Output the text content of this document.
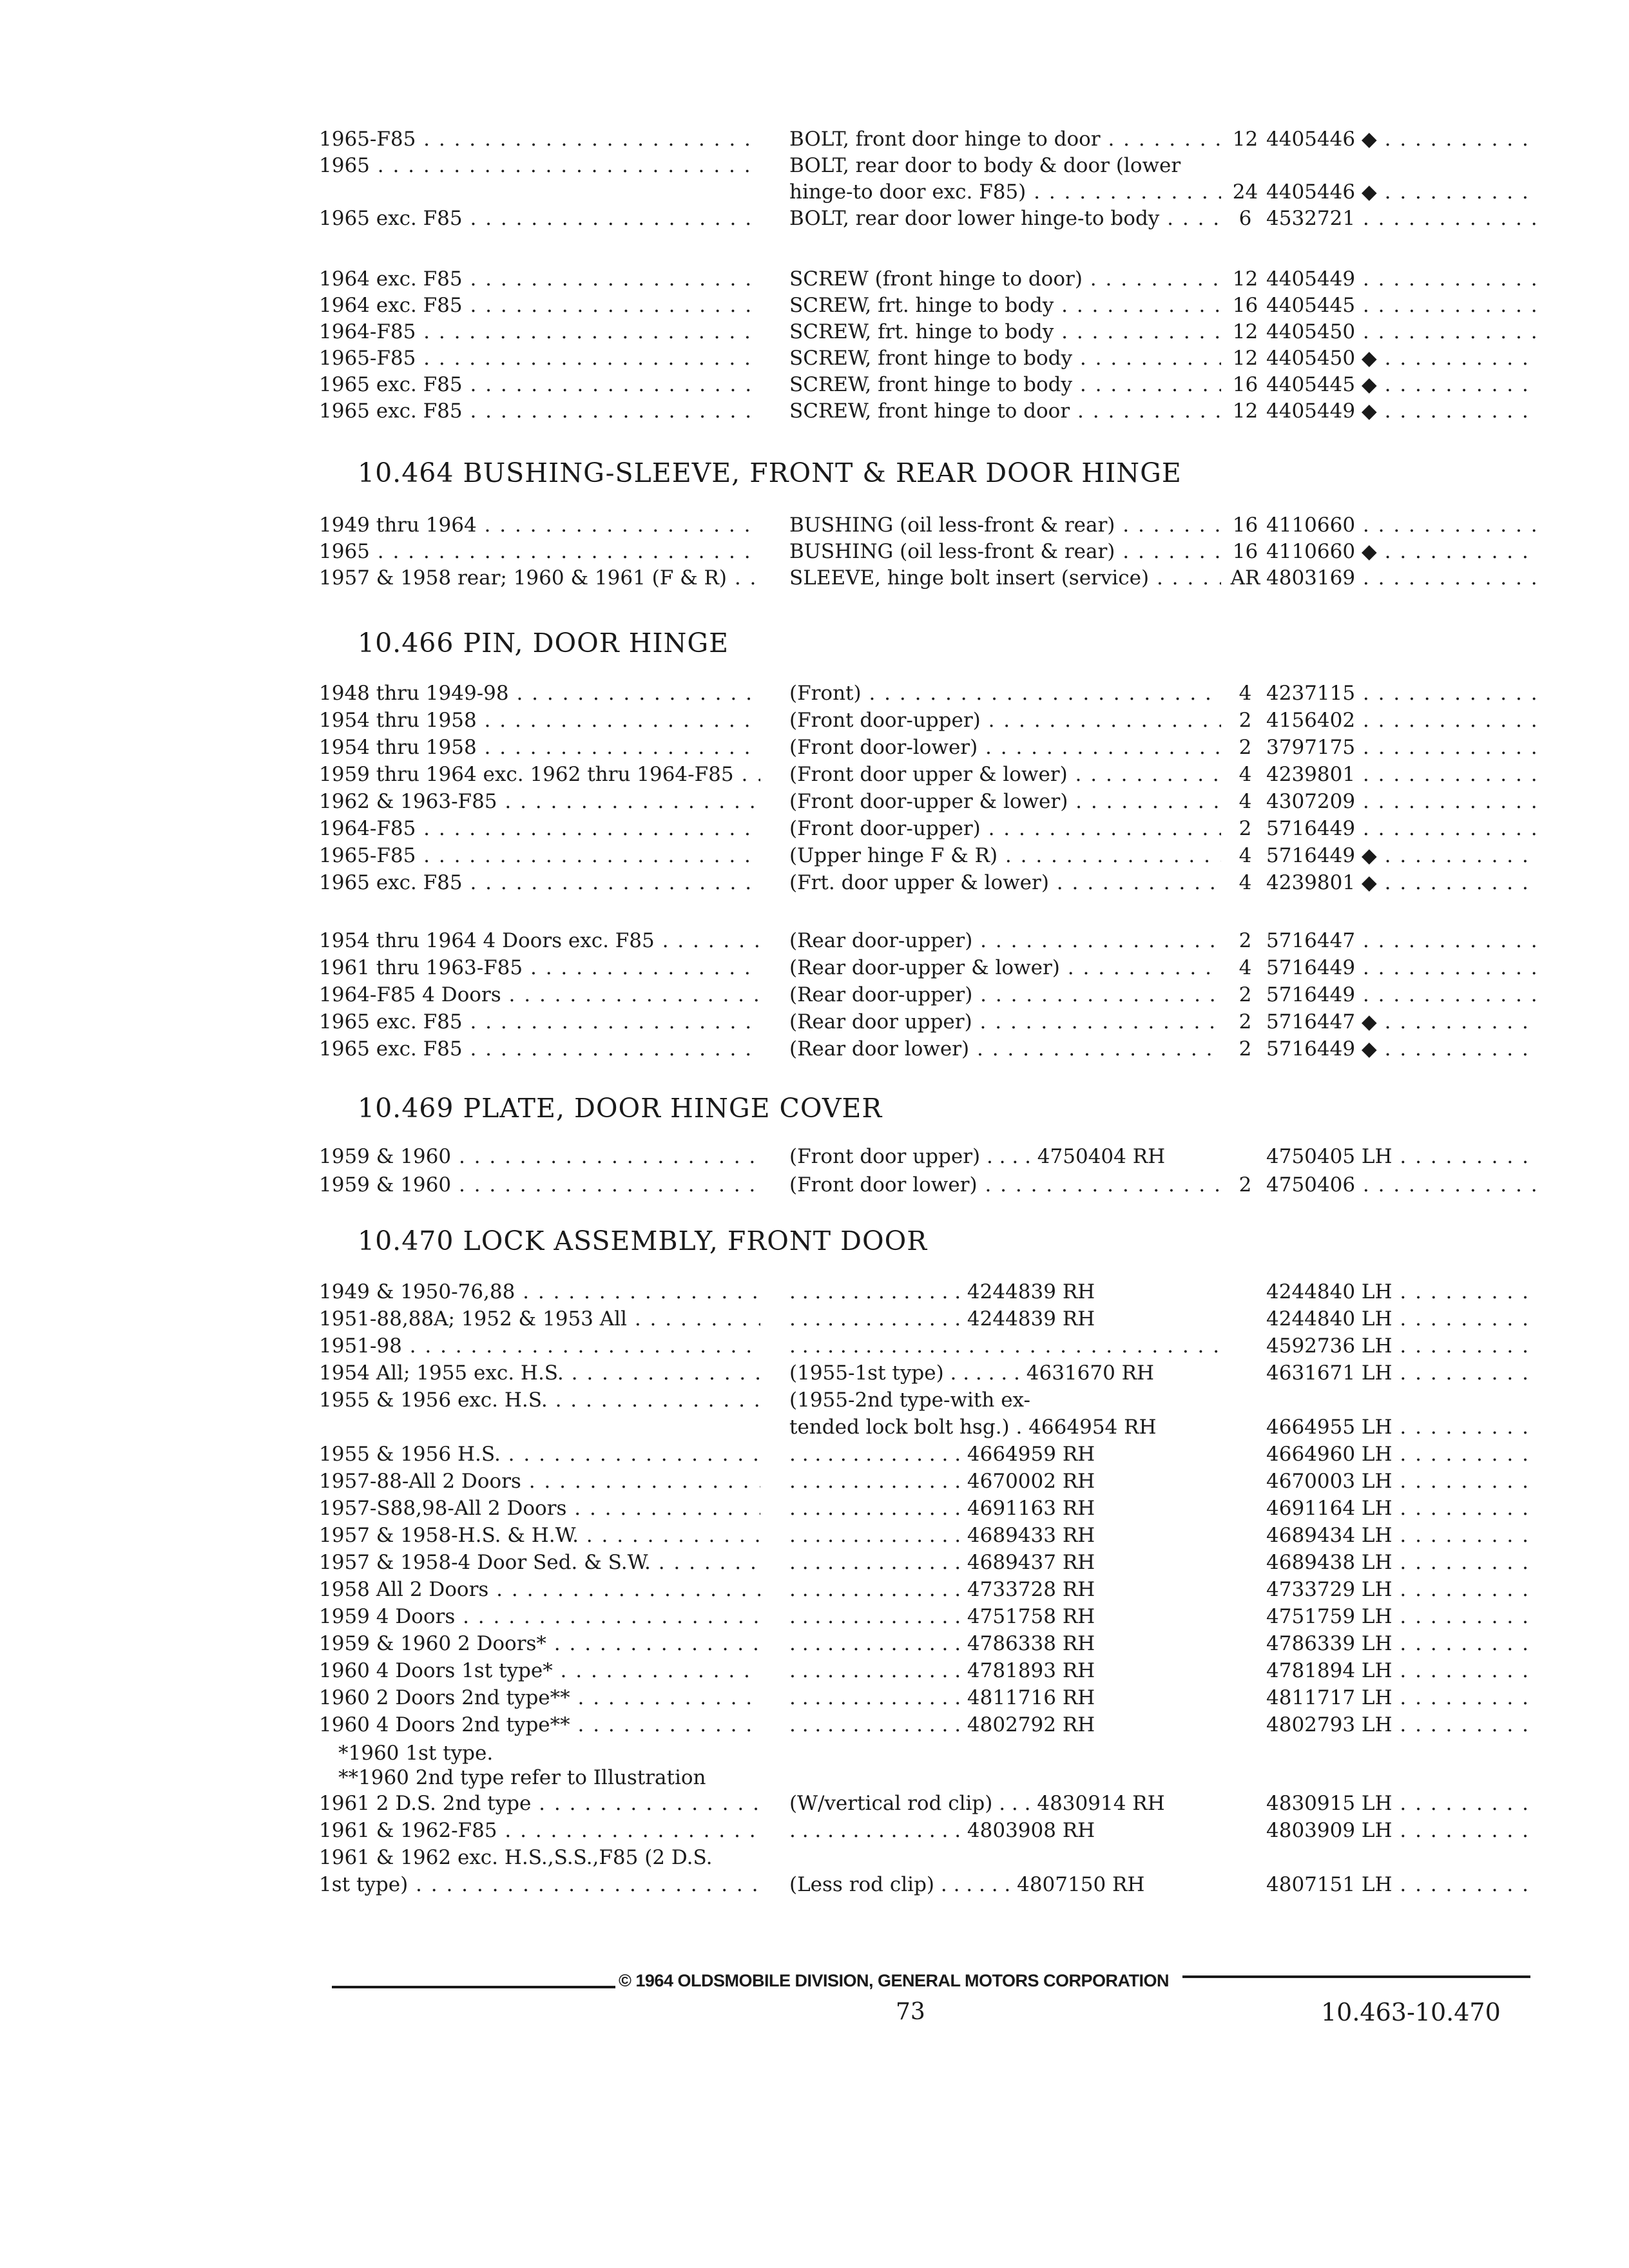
1965-F85 . . .	BOLT, front door hinge to door . . .	12 4405446 ◆ . . .
1965 . . .	BOLT, rear door to body & door (lower
hinge-to door exc. F85) . . .	24 4405446 ◆ . . .
1965 exc. F85 . . .	BOLT, rear door lower hinge-to body . . .	6 4532721 . . .
1964 exc. F85 . . .	SCREW (front hinge to door) . . .	12 4405449 . . .
1964 exc. F85 . . .	SCREW, frt. hinge to body . . .	16 4405445 . . .
1964-F85 . . .	SCREW, frt. hinge to body . . .	12 4405450 . . .
1965-F85 . . .	SCREW, front hinge to body . . .	12 4405450 ◆ . . .
1965 exc. F85 . . .	SCREW, front hinge to body . . .	16 4405445 ◆ . . .
1965 exc. F85 . . .	SCREW, front hinge to door . . .	12 4405449 ◆ . . .
10.464 BUSHING-SLEEVE, FRONT & REAR DOOR HINGE
1949 thru 1964 . . .	BUSHING (oil less-front & rear) . . .	16 4110660 . . .
1965 . . .	BUSHING (oil less-front & rear) . . .	16 4110660 ◆ . . .
1957 & 1958 rear; 1960 & 1961 (F & R) . . .	SLEEVE, hinge bolt insert (service) . . .	AR 4803169 . . .
10.466 PIN, DOOR HINGE
1948 thru 1949-98 . . .	(Front) . . .	4 4237115 . . .
1954 thru 1958 . . .	(Front door-upper) . . .	2 4156402 . . .
1954 thru 1958 . . .	(Front door-lower) . . .	2 3797175 . . .
1959 thru 1964 exc. 1962 thru 1964-F85 . . .	(Front door upper & lower) . . .	4 4239801 . . .
1962 & 1963-F85 . . .	(Front door-upper & lower) . . .	4 4307209 . . .
1964-F85 . . .	(Front door-upper) . . .	2 5716449 . . .
1965-F85 . . .	(Upper hinge F & R) . . .	4 5716449 ◆ . . .
1965 exc. F85 . . .	(Frt. door upper & lower) . . .	4 4239801 ◆ . . .
1954 thru 1964 4 Doors exc. F85 . . .	(Rear door-upper) . . .	2 5716447 . . .
1961 thru 1963-F85 . . .	(Rear door-upper & lower) . . .	4 5716449 . . .
1964-F85 4 Doors . . .	(Rear door-upper) . . .	2 5716449 . . .
1965 exc. F85 . . .	(Rear door upper) . . .	2 5716447 ◆ . . .
1965 exc. F85 . . .	(Rear door lower) . . .	2 5716449 ◆ . . .
10.469 PLATE, DOOR HINGE COVER
1959 & 1960 . . .	(Front door upper) . . . . 4750404 RH	4750405 LH . . .
1959 & 1960 . . .	(Front door lower) . . .	2 4750406 . . .
10.470 LOCK ASSEMBLY, FRONT DOOR
1949 & 1950-76,88 . . .	. . . . . . . . . . . . . . 4244839 RH	4244840 LH . . .
1951-88,88A; 1952 & 1953 All . . .	. . . . . . . . . . . . . . 4244839 RH	4244840 LH . . .
1951-98 . . .	. . . . . . . . . . . . . . . . .	4592736 LH . . .
1954 All; 1955 exc. H.S. . . .	(1955-1st type) . . . . . . 4631670 RH	4631671 LH . . .
1955 & 1956 exc. H.S. . . .	(1955-2nd type-with ex-
tended lock bolt hsg.) . 4664954 RH	4664955 LH . . .
1955 & 1956 H.S. . . .	. . . . . . . . . . . . . . 4664959 RH	4664960 LH . . .
1957-88-All 2 Doors . . .	. . . . . . . . . . . . . . 4670002 RH	4670003 LH . . .
1957-S88,98-All 2 Doors . . .	. . . . . . . . . . . . . . 4691163 RH	4691164 LH . . .
1957 & 1958-H.S. & H.W. . . .	. . . . . . . . . . . . . . 4689433 RH	4689434 LH . . .
1957 & 1958-4 Door Sed. & S.W. . . .	. . . . . . . . . . . . . . 4689437 RH	4689438 LH . . .
1958 All 2 Doors . . .	. . . . . . . . . . . . . . 4733728 RH	4733729 LH . . .
1959 4 Doors . . .	. . . . . . . . . . . . . . 4751758 RH	4751759 LH . . .
1959 & 1960 2 Doors* . . .	. . . . . . . . . . . . . . 4786338 RH	4786339 LH . . .
1960 4 Doors 1st type* . . .	. . . . . . . . . . . . . . 4781893 RH	4781894 LH . . .
1960 2 Doors 2nd type** . . .	. . . . . . . . . . . . . . 4811716 RH	4811717 LH . . .
1960 4 Doors 2nd type** . . .	. . . . . . . . . . . . . . 4802792 RH	4802793 LH . . .
*1960 1st type.
**1960 2nd type refer to Illustration
1961 2 D.S. 2nd type . . .	(W/vertical rod clip) . . . 4830914 RH	4830915 LH . . .
1961 & 1962-F85 . . .	. . . . . . . . . . . . . . 4803908 RH	4803909 LH . . .
1961 & 1962 exc. H.S.,S.S.,F85 (2 D.S.
1st type) . . .	(Less rod clip) . . . . . . 4807150 RH	4807151 LH . . .
© 1964 OLDSMOBILE DIVISION, GENERAL MOTORS CORPORATION
73	10.463-10.470
